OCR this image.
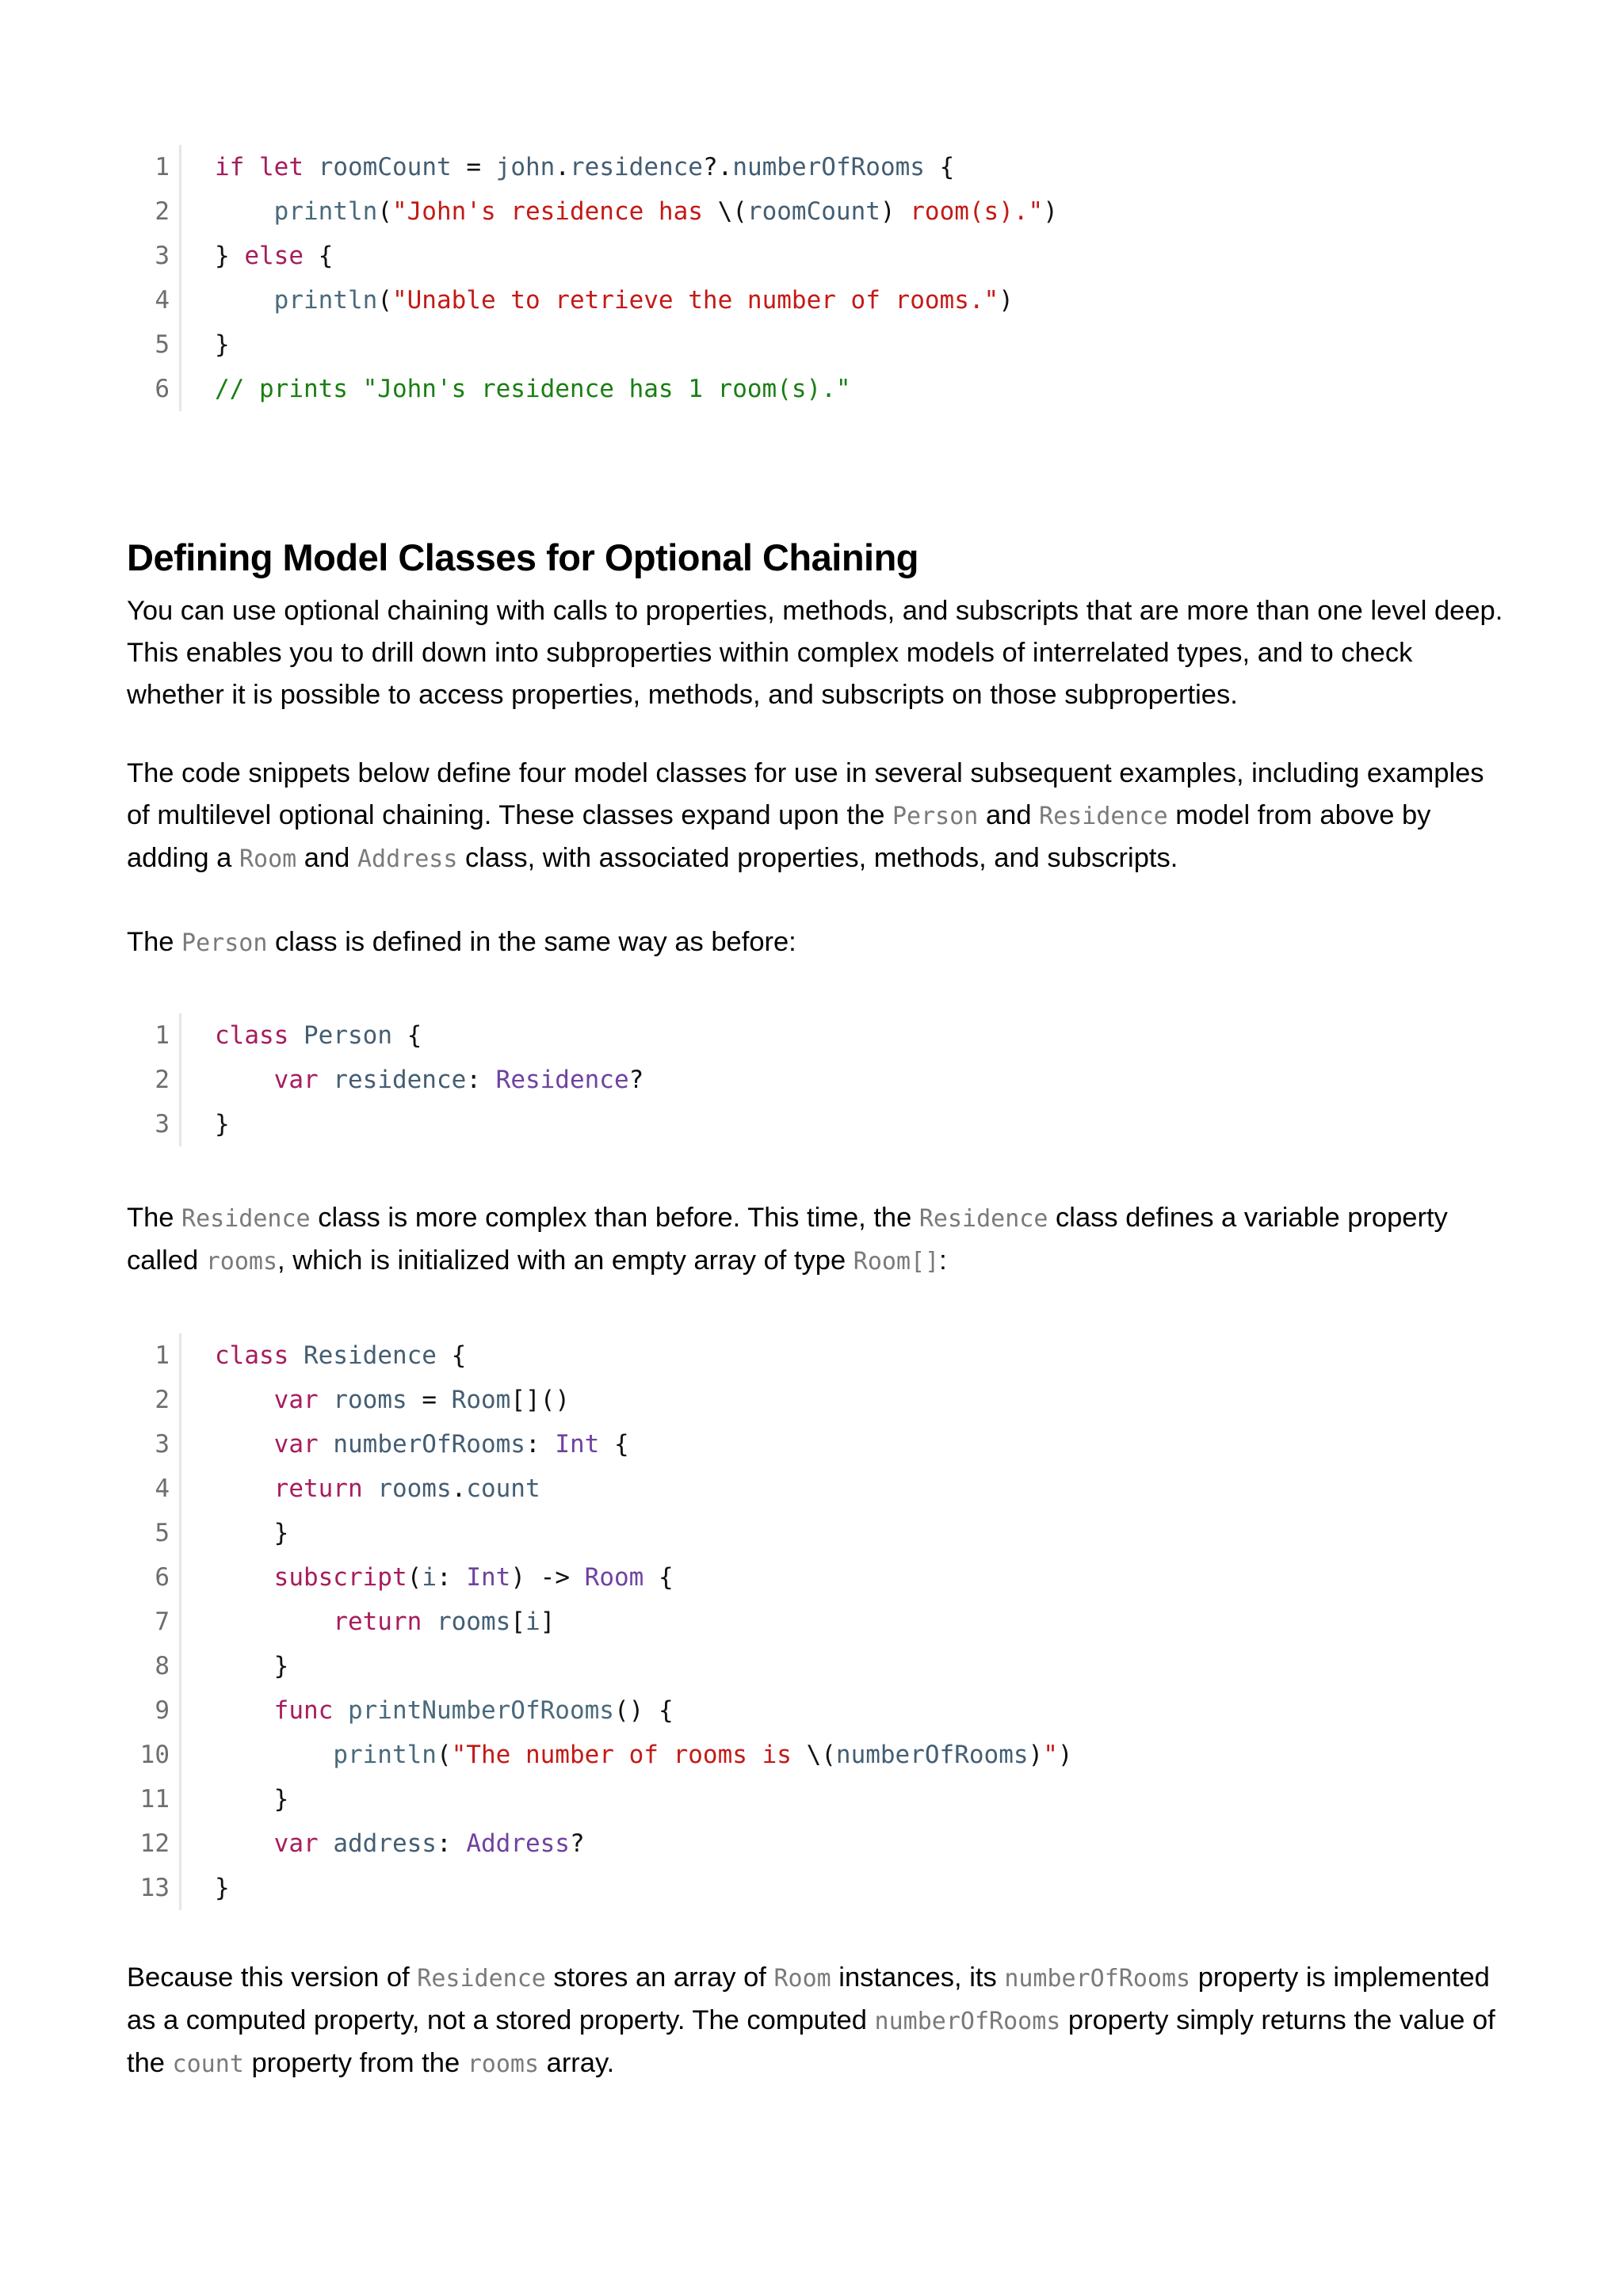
1	if let roomCount = john.residence?.numberOfRooms {
2	println("John's residence has \(roomCount) room(s).")
3	} else {
4	println("Unable to retrieve the number of rooms.")
5	}
6	// prints "John's residence has 1 room(s)."
Defining Model Classes for Optional Chaining

You can use optional chaining with calls to properties, methods, and subscripts that are more than one level deep. This enables you to drill down into subproperties within complex models of interrelated types, and to check whether it is possible to access properties, methods, and subscripts on those subproperties.

The code snippets below define four model classes for use in several subsequent examples, including examples of multilevel optional chaining. These classes expand upon the Person and Residence model from above by adding a Room and Address class, with associated properties, methods, and subscripts.

The Person class is defined in the same way as before:

1	class Person {
2	var residence: Residence?
3	}

The Residence class is more complex than before. This time, the Residence class defines a variable property called rooms, which is initialized with an empty array of type Room[]:

1	class Residence {
2	var rooms = Room[]()
3	var numberOfRooms: Int {
4	return rooms.count
5	}
6	subscript(i: Int) -> Room {
7	return rooms[i]
8	}
9	func printNumberOfRooms() {
10	println("The number of rooms is \(numberOfRooms)")
11	}
12	var address: Address?
13	}

Because this version of Residence stores an array of Room instances, its numberOfRooms property is implemented as a computed property, not a stored property. The computed numberOfRooms property simply returns the value of the count property from the rooms array.
